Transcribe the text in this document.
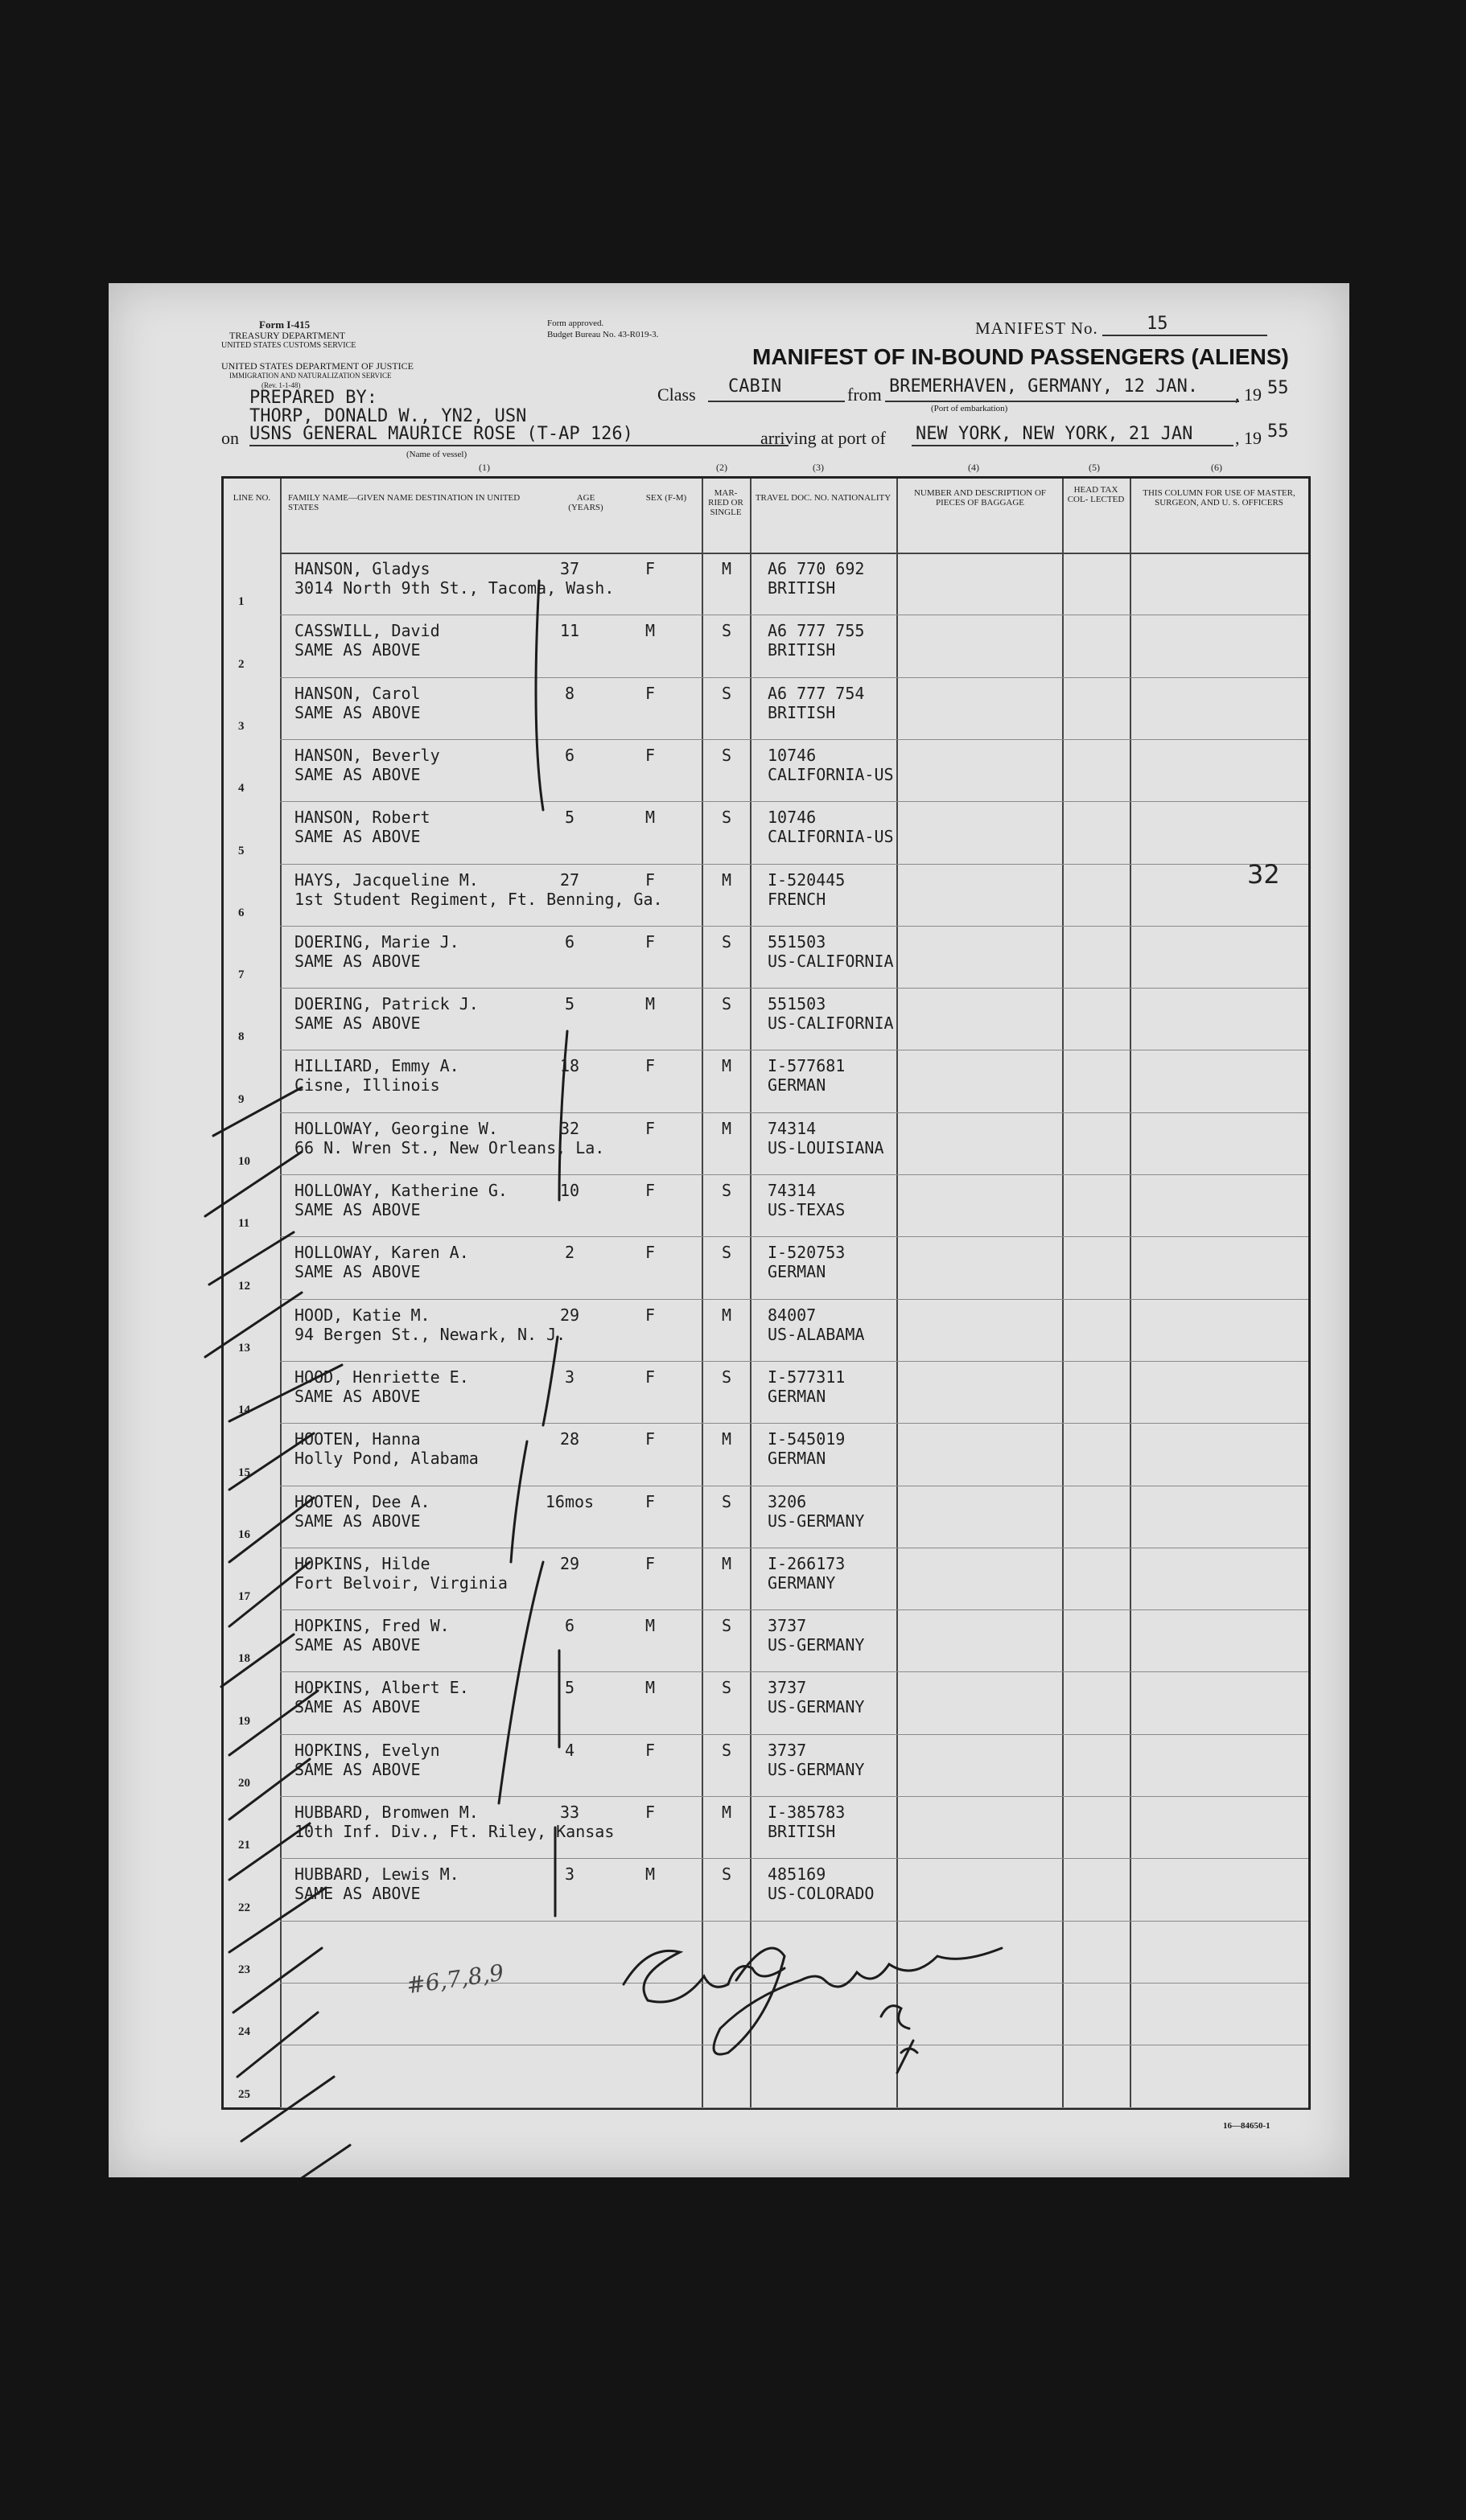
Form I-415
TREASURY DEPARTMENT
UNITED STATES CUSTOMS SERVICE
UNITED STATES DEPARTMENT OF JUSTICE
IMMIGRATION AND NATURALIZATION SERVICE
(Rev. 1-1-48)
Form approved.
Budget Bureau No. 43-R019-3.	MANIFEST No.	15
MANIFEST OF IN-BOUND PASSENGERS (ALIENS)
PREPARED BY:
THORP, DONALD W., YN2, USN
Class CABIN	from BREMERHAVEN, GERMANY, 12 JAN. , 19 55
(Port of embarkation)
on USNS GENERAL MAURICE ROSE (T-AP 126)
(Name of vessel)
arriving at port of NEW YORK, NEW YORK, 21 JAN , 19 55
(1)	(2)	(3)	(4)	(5)	(6)
LINE NO.	FAMILY NAME—GIVEN NAME DESTINATION IN UNITED STATES
AGE (YEARS)
SEX (F-M)	MAR- RIED OR SINGLE
TRAVEL DOC. NO. NATIONALITY	NUMBER AND DESCRIPTION OF PIECES OF BAGGAGE
HEAD TAX COL- LECTED
THIS COLUMN FOR USE OF MASTER, SURGEON, AND U. S. OFFICERS
1
HANSON, Gladys
3014 North 9th St., Tacoma, Wash.
37	F	M	A6 770 692
BRITISH
2
CASSWILL, David
SAME AS ABOVE
11	M	S	A6 777 755
BRITISH
3
HANSON, Carol
SAME AS ABOVE
8	F	S	A6 777 754
BRITISH
4
HANSON, Beverly
SAME AS ABOVE
6	F	S	10746
CALIFORNIA-US
5
HANSON, Robert
SAME AS ABOVE
5	M	S	10746
CALIFORNIA-US
6
HAYS, Jacqueline M.
1st Student Regiment, Ft. Benning, Ga.
27	F	M	I-520445
FRENCH
7
DOERING, Marie J.
SAME AS ABOVE
6	F	S	551503
US-CALIFORNIA
8
DOERING, Patrick J.
SAME AS ABOVE
5	M	S	551503
US-CALIFORNIA
9
HILLIARD, Emmy A.
Cisne, Illinois
18	F	M	I-577681
GERMAN
10
HOLLOWAY, Georgine W.
66 N. Wren St., New Orleans, La.
32	F	M	74314
US-LOUISIANA
11
HOLLOWAY, Katherine G.
SAME AS ABOVE
10	F	S	74314
US-TEXAS
12
HOLLOWAY, Karen A.
SAME AS ABOVE
2	F	S	I-520753
GERMAN
13
HOOD, Katie M.
94 Bergen St., Newark, N. J.
29	F	M	84007
US-ALABAMA
14
HOOD, Henriette E.
SAME AS ABOVE
3	F	S	I-577311
GERMAN
15
HOOTEN, Hanna
Holly Pond, Alabama
28	F	M	I-545019
GERMAN
16
HOOTEN, Dee A.
SAME AS ABOVE
16mos	F	S	3206
US-GERMANY
17
HOPKINS, Hilde
Fort Belvoir, Virginia
29	F	M	I-266173
GERMANY
18
HOPKINS, Fred W.
SAME AS ABOVE
6	M	S	3737
US-GERMANY
19
HOPKINS, Albert E.
SAME AS ABOVE
5	M	S	3737
US-GERMANY
20
HOPKINS, Evelyn
SAME AS ABOVE
4	F	S	3737
US-GERMANY
21
HUBBARD, Bromwen M.
10th Inf. Div., Ft. Riley, Kansas
33	F	M	I-385783
BRITISH
22
HUBBARD, Lewis M.
SAME AS ABOVE
3	M	S	485169
US-COLORADO
23
24
25
32
#6,7,8,9
16—84650-1
